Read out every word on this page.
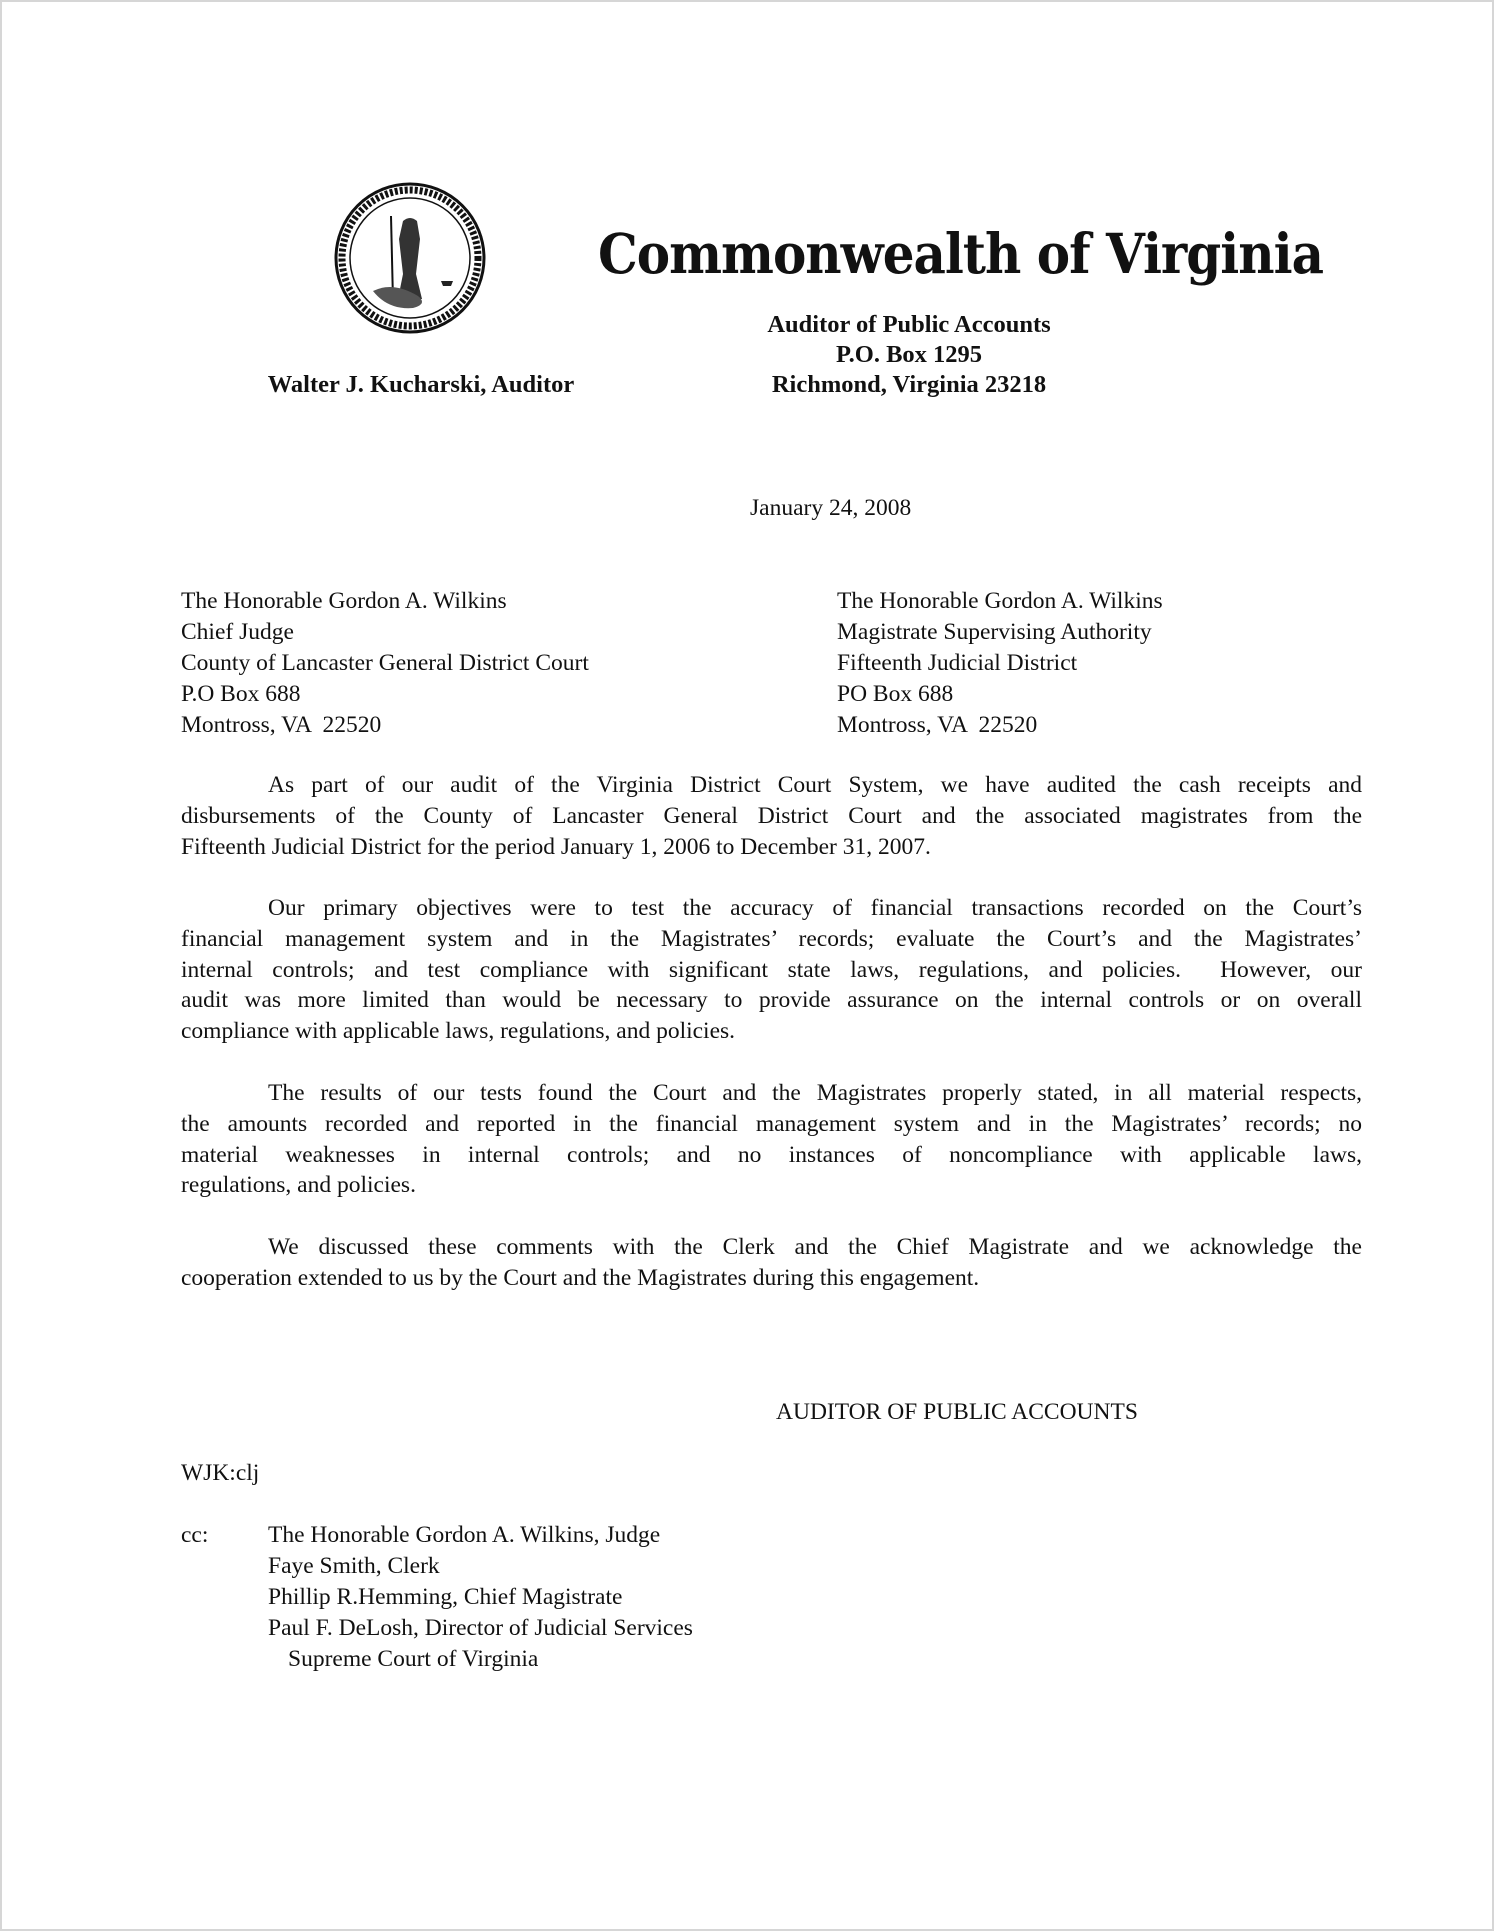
Commonwealth of Virginia
Auditor of Public Accounts
P.O. Box 1295
Richmond, Virginia 23218
Walter J. Kucharski, Auditor
January 24, 2008
The Honorable Gordon A. Wilkins
Chief Judge
County of Lancaster General District Court
P.O Box 688
Montross, VA  22520
The Honorable Gordon A. Wilkins
Magistrate Supervising Authority
Fifteenth Judicial District
PO Box 688
Montross, VA  22520
As part of our audit of the Virginia District Court System, we have audited the cash receipts and
disbursements of the County of Lancaster General District Court and the associated magistrates from the
Fifteenth Judicial District for the period January 1, 2006 to December 31, 2007.
Our primary objectives were to test the accuracy of financial transactions recorded on the Court’s
financial management system and in the Magistrates’ records; evaluate the Court’s and the Magistrates’
internal controls; and test compliance with significant state laws, regulations, and policies.  However, our
audit was more limited than would be necessary to provide assurance on the internal controls or on overall
compliance with applicable laws, regulations, and policies.
The results of our tests found the Court and the Magistrates properly stated, in all material respects,
the amounts recorded and reported in the financial management system and in the Magistrates’ records; no
material weaknesses in internal controls; and no instances of noncompliance with applicable laws,
regulations, and policies.
We discussed these comments with the Clerk and the Chief Magistrate and we acknowledge the
cooperation extended to us by the Court and the Magistrates during this engagement.
AUDITOR OF PUBLIC ACCOUNTS
WJK:clj
cc:	The Honorable Gordon A. Wilkins, Judge
Faye Smith, Clerk
Phillip R.Hemming, Chief Magistrate
Paul F. DeLosh, Director of Judicial Services
Supreme Court of Virginia
